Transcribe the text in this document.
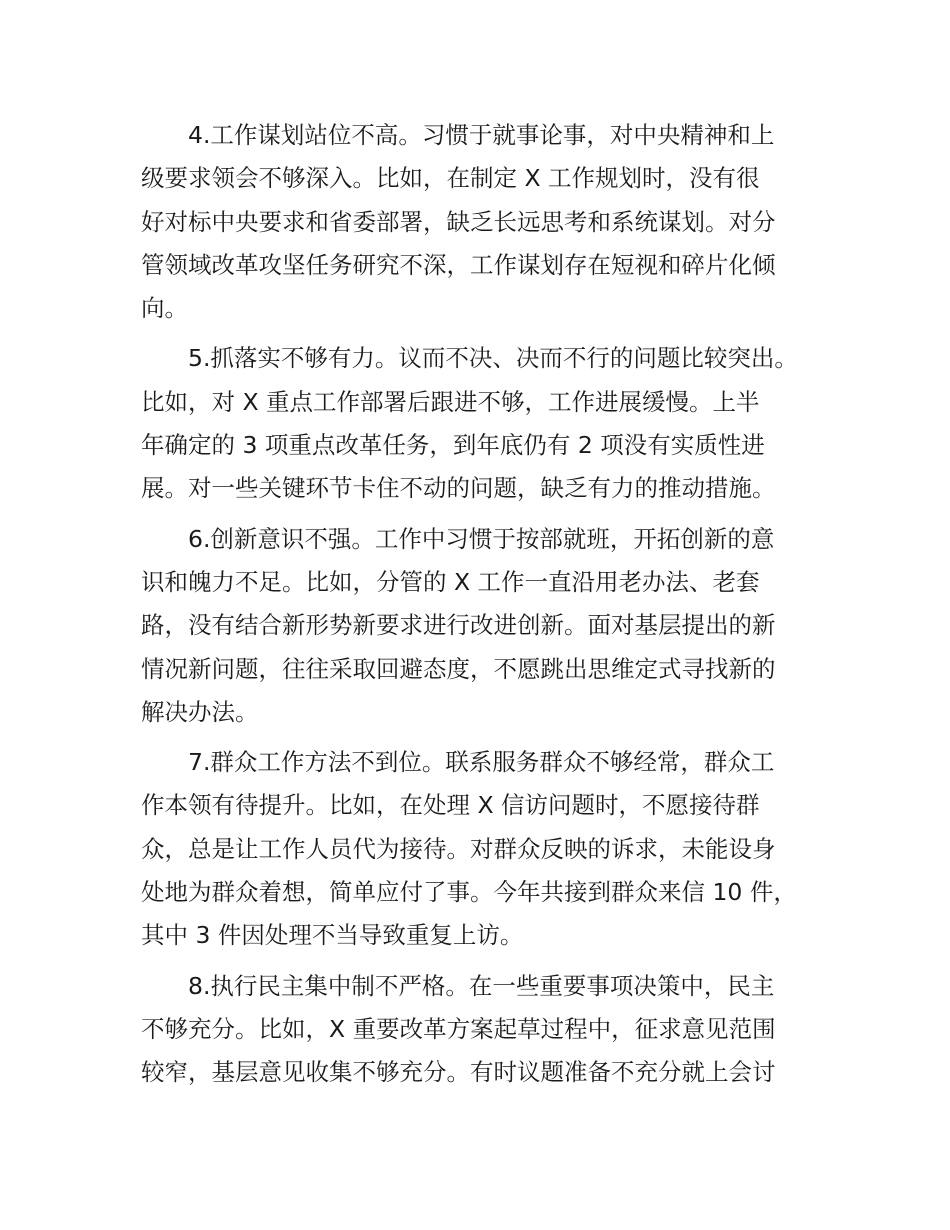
4.工作谋划站位不高。习惯于就事论事，对中央精神和上
级要求领会不够深入。比如，在制定 X 工作规划时，没有很
好对标中央要求和省委部署，缺乏长远思考和系统谋划。对分
管领域改革攻坚任务研究不深，工作谋划存在短视和碎片化倾
向。
5.抓落实不够有力。议而不决、决而不行的问题比较突出。
比如，对 X 重点工作部署后跟进不够，工作进展缓慢。上半
年确定的 3 项重点改革任务，到年底仍有 2 项没有实质性进
展。对一些关键环节卡住不动的问题，缺乏有力的推动措施。
6.创新意识不强。工作中习惯于按部就班，开拓创新的意
识和魄力不足。比如，分管的 X 工作一直沿用老办法、老套
路，没有结合新形势新要求进行改进创新。面对基层提出的新
情况新问题，往往采取回避态度，不愿跳出思维定式寻找新的
解决办法。
7.群众工作方法不到位。联系服务群众不够经常，群众工
作本领有待提升。比如，在处理 X 信访问题时，不愿接待群
众，总是让工作人员代为接待。对群众反映的诉求，未能设身
处地为群众着想，简单应付了事。今年共接到群众来信 10 件，
其中 3 件因处理不当导致重复上访。
8.执行民主集中制不严格。在一些重要事项决策中，民主
不够充分。比如，X 重要改革方案起草过程中，征求意见范围
较窄，基层意见收集不够充分。有时议题准备不充分就上会讨
